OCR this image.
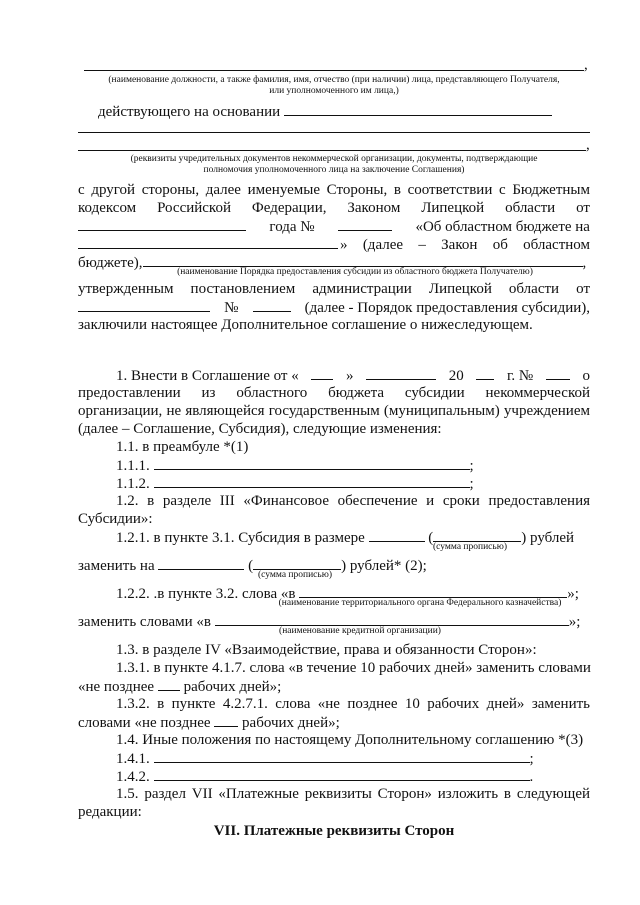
,
(наименование должности, а также фамилия, имя, отчество (при наличии) лица, представляющего Получателя,
или уполномоченного им лица,)
действующего на основании
,
(реквизиты учредительных документов некоммерческой организации, документы, подтверждающие
полномочия уполномоченного лица на заключение Соглашения)
с другой стороны, далее именуемые Стороны, в соответствии с Бюджетным
кодексом Российской Федерации, Законом Липецкой области от
года №	«Об областном бюджете на
» (далее – Закон об областном
бюджете),	,
(наименование Порядка предоставления субсидии из областного бюджета Получателю)
утвержденным постановлением администрации Липецкой области от
№	(далее - Порядок предоставления субсидии),
заключили настоящее Дополнительное соглашение о нижеследующем.
1. Внести в Соглашение от «	»	20	г. №	о
предоставлении из областного бюджета субсидии некоммерческой
организации, не являющейся государственным (муниципальным) учреждением
(далее – Соглашение, Субсидия), следующие изменения:
1.1. в преамбуле *(1)
1.1.1.	;
1.1.2.	;
1.2. в разделе III «Финансовое обеспечение и сроки предоставления
Субсидии»:
1.2.1. в пункте 3.1. Субсидия в размере	(	) рублей
(сумма прописью)
заменить на	(	) рублей* (2);
(сумма прописью)
1.2.2. .в пункте 3.2. слова «в	»;
(наименование территориального органа Федерального казначейства)
заменить словами «в	»;
(наименование кредитной организации)
1.3. в разделе IV «Взаимодействие, права и обязанности Сторон»:
1.3.1. в пункте 4.1.7. слова «в течение 10 рабочих дней» заменить словами
«не позднее рабочих дней»;
1.3.2. в пункте 4.2.7.1. слова «не позднее 10 рабочих дней» заменить
словами «не позднее рабочих дней»;
1.4. Иные положения по настоящему Дополнительному соглашению *(3)
1.4.1.	;
1.4.2.	.
1.5. раздел VII «Платежные реквизиты Сторон» изложить в следующей
редакции:
VII. Платежные реквизиты Сторон
